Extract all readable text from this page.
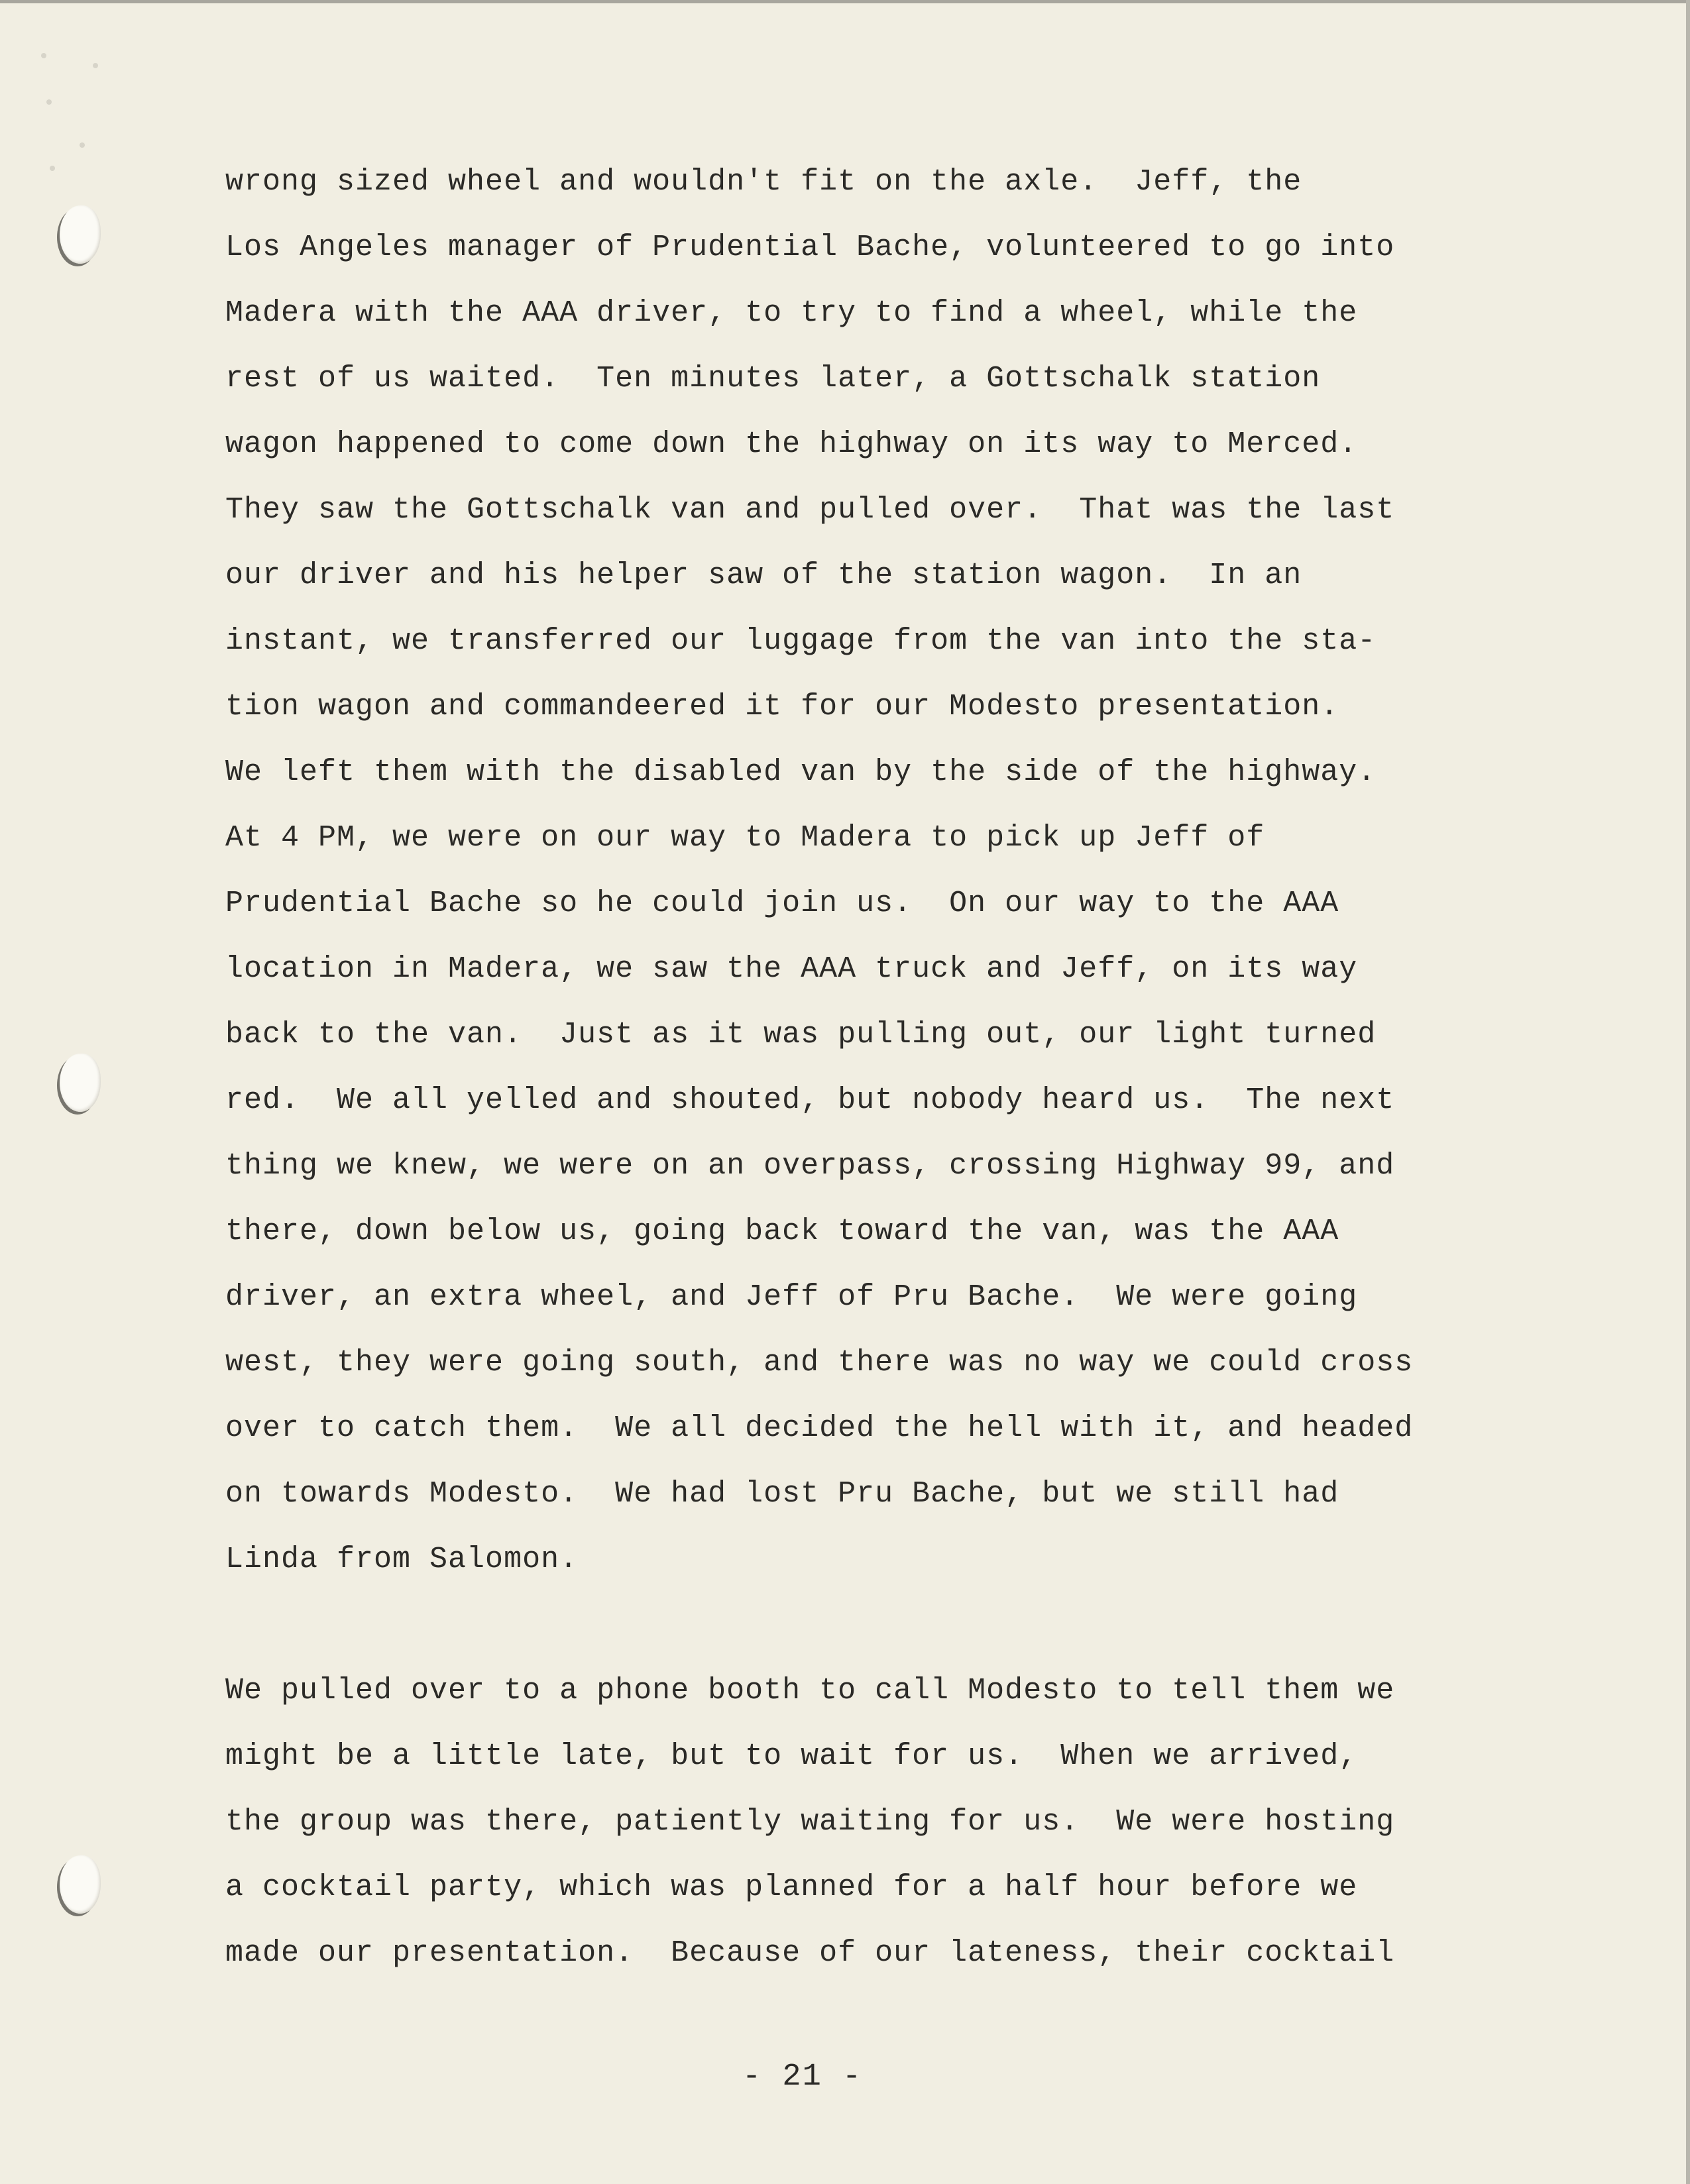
wrong sized wheel and wouldn't fit on the axle.  Jeff, the
Los Angeles manager of Prudential Bache, volunteered to go into
Madera with the AAA driver, to try to find a wheel, while the
rest of us waited.  Ten minutes later, a Gottschalk station
wagon happened to come down the highway on its way to Merced.
They saw the Gottschalk van and pulled over.  That was the last
our driver and his helper saw of the station wagon.  In an
instant, we transferred our luggage from the van into the sta-
tion wagon and commandeered it for our Modesto presentation.
We left them with the disabled van by the side of the highway.
At 4 PM, we were on our way to Madera to pick up Jeff of
Prudential Bache so he could join us.  On our way to the AAA
location in Madera, we saw the AAA truck and Jeff, on its way
back to the van.  Just as it was pulling out, our light turned
red.  We all yelled and shouted, but nobody heard us.  The next
thing we knew, we were on an overpass, crossing Highway 99, and
there, down below us, going back toward the van, was the AAA
driver, an extra wheel, and Jeff of Pru Bache.  We were going
west, they were going south, and there was no way we could cross
over to catch them.  We all decided the hell with it, and headed
on towards Modesto.  We had lost Pru Bache, but we still had
Linda from Salomon.
We pulled over to a phone booth to call Modesto to tell them we
might be a little late, but to wait for us.  When we arrived,
the group was there, patiently waiting for us.  We were hosting
a cocktail party, which was planned for a half hour before we
made our presentation.  Because of our lateness, their cocktail
- 21 -
